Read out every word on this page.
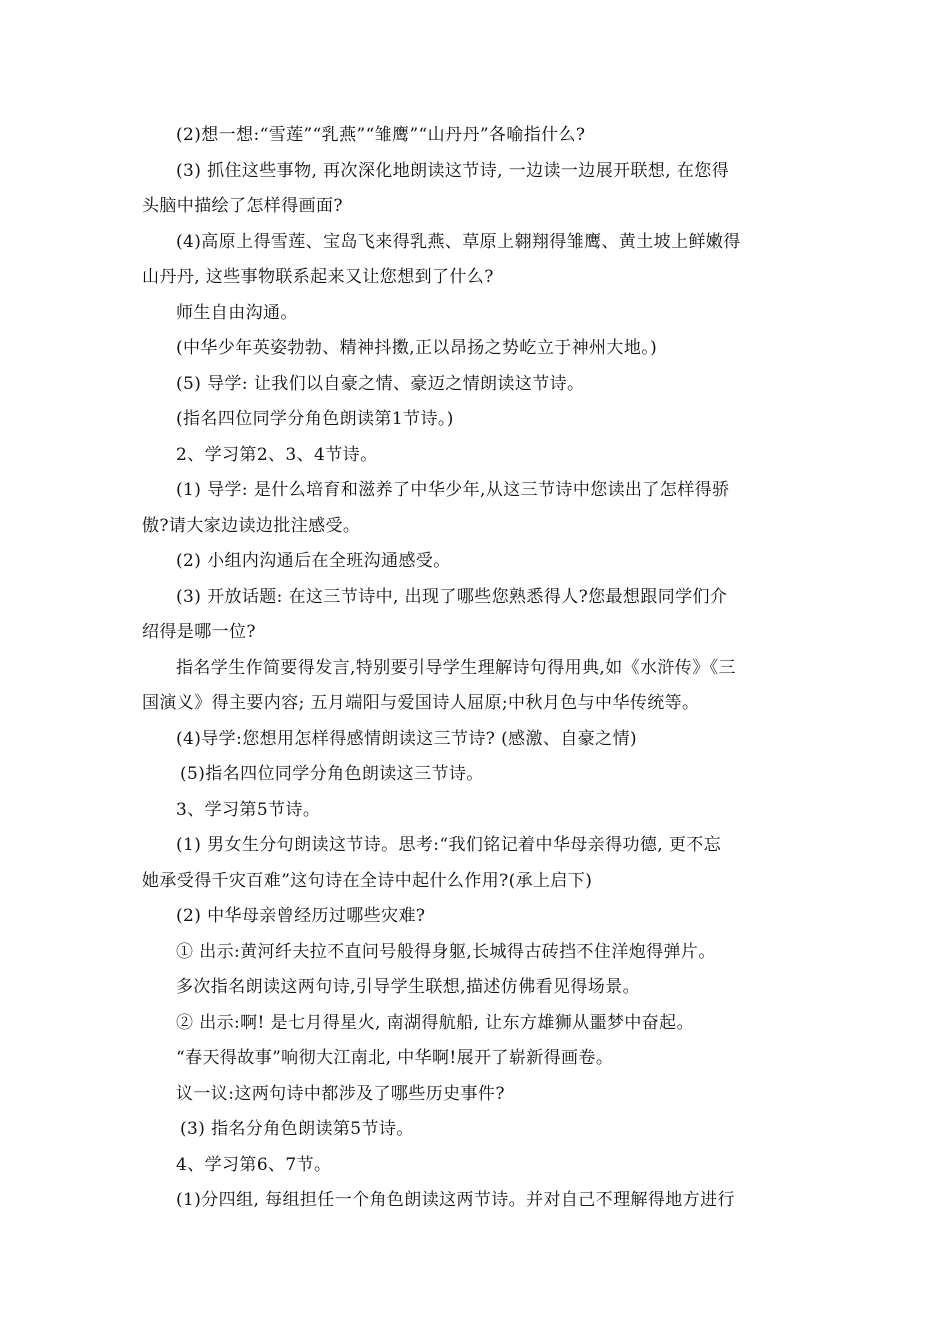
(2)想一想:“雪莲”“乳燕”“雏鹰”“山丹丹”各喻指什么?
(3) 抓住这些事物, 再次深化地朗读这节诗, 一边读一边展开联想, 在您得
头脑中描绘了怎样得画面?
(4)高原上得雪莲、宝岛飞来得乳燕、草原上翱翔得雏鹰、黄土坡上鲜嫩得
山丹丹, 这些事物联系起来又让您想到了什么?
师生自由沟通。
(中华少年英姿勃勃、精神抖擞,正以昂扬之势屹立于神州大地。)
(5) 导学: 让我们以自豪之情、豪迈之情朗读这节诗。
(指名四位同学分角色朗读第1节诗。)
2、学习第2、3、4节诗。
(1) 导学: 是什么培育和滋养了中华少年,从这三节诗中您读出了怎样得骄
傲?请大家边读边批注感受。
(2) 小组内沟通后在全班沟通感受。
(3) 开放话题: 在这三节诗中, 出现了哪些您熟悉得人?您最想跟同学们介
绍得是哪一位?
指名学生作简要得发言,特别要引导学生理解诗句得用典,如《水浒传》《三
国演义》得主要内容; 五月端阳与爱国诗人屈原;中秋月色与中华传统等。
(4)导学:您想用怎样得感情朗读这三节诗? (感激、自豪之情)
(5)指名四位同学分角色朗读这三节诗。
3、学习第5节诗。
(1) 男女生分句朗读这节诗。思考:“我们铭记着中华母亲得功德, 更不忘
她承受得千灾百难”这句诗在全诗中起什么作用?(承上启下)
(2) 中华母亲曾经历过哪些灾难?
① 出示:黄河纤夫拉不直问号般得身躯,长城得古砖挡不住洋炮得弹片。
多次指名朗读这两句诗,引导学生联想,描述仿佛看见得场景。
② 出示:啊! 是七月得星火, 南湖得航船, 让东方雄狮从噩梦中奋起。
“春天得故事”响彻大江南北, 中华啊!展开了崭新得画卷。
议一议:这两句诗中都涉及了哪些历史事件?
(3) 指名分角色朗读第5节诗。
4、学习第6、7节。
(1)分四组, 每组担任一个角色朗读这两节诗。并对自己不理解得地方进行
